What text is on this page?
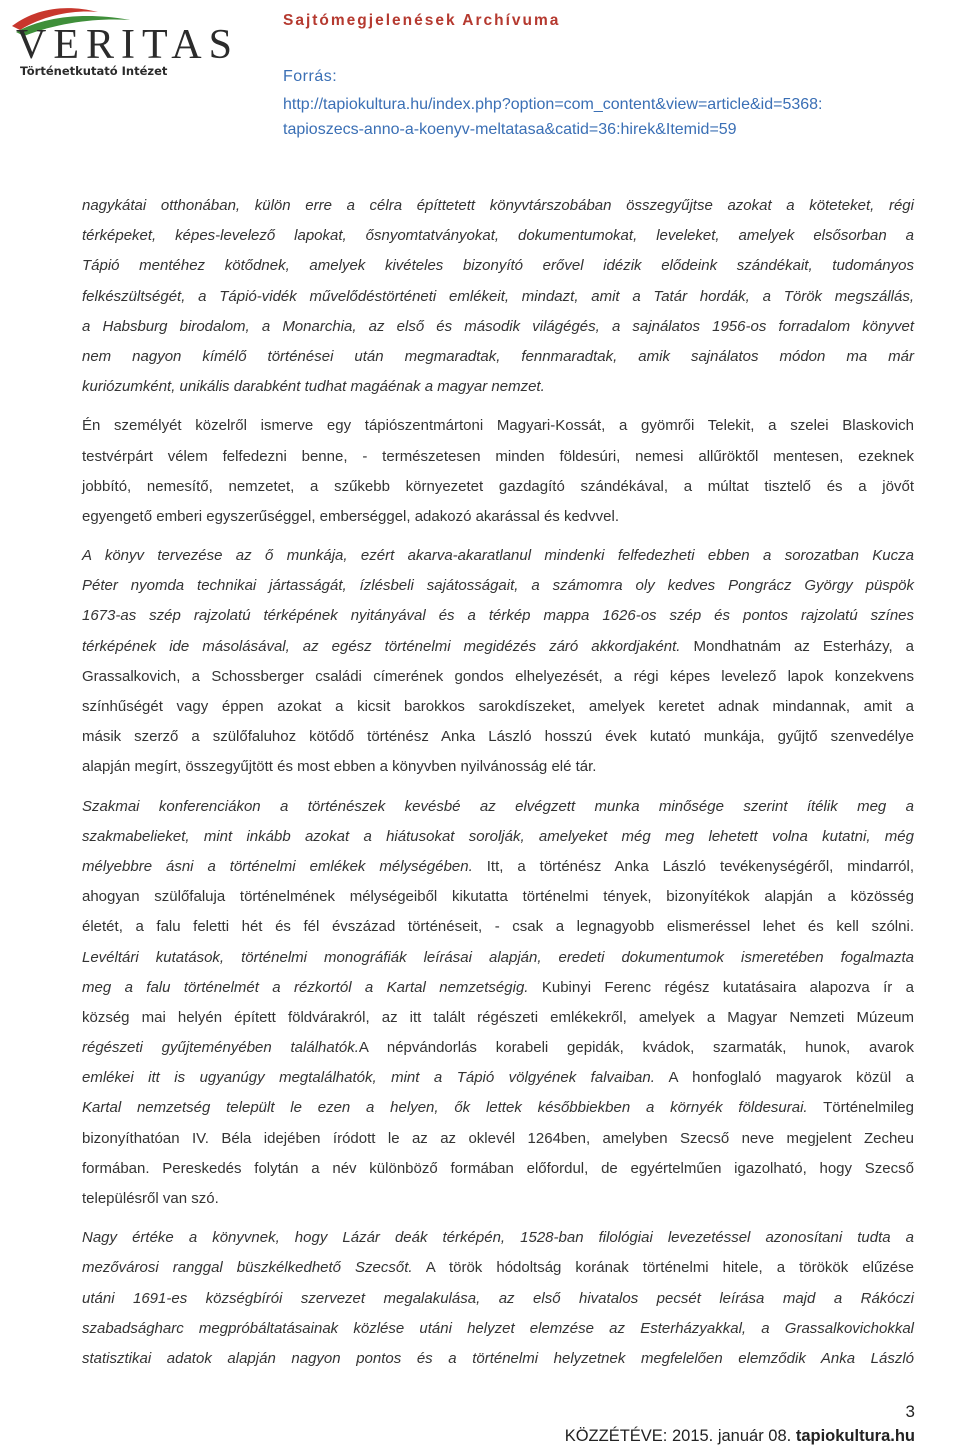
VERITAS
Történetkutató Intézet
Sajtómegjelenések Archívuma
Forrás:
http://tapiokultura.hu/index.php?option=com_content&view=article&id=5368:
tapioszecs-anno-a-koenyv-meltatasa&catid=36:hirek&Itemid=59
nagykátai otthonában, külön erre a célra építtetett könyvtárszobában összegyűjtse azokat a köteteket, régi
térképeket, képes-levelező lapokat, ősnyomtatványokat, dokumentumokat, leveleket, amelyek elsősorban a
Tápió mentéhez kötődnek, amelyek kivételes bizonyító erővel idézik elődeink szándékait, tudományos
felkészültségét, a Tápió-vidék művelődéstörténeti emlékeit, mindazt, amit a Tatár hordák, a Török megszállás,
a Habsburg birodalom, a Monarchia, az első és második világégés, a sajnálatos 1956-os forradalom könyvet
nem nagyon kímélő történései után megmaradtak, fennmaradtak, amik sajnálatos módon ma már
kuriózumként, unikális darabként tudhat magáénak a magyar nemzet.
Én személyét közelről ismerve egy tápiószentmártoni Magyari-Kossát, a gyömrői Telekit, a szelei Blaskovich
testvérpárt vélem felfedezni benne, - természetesen minden földesúri, nemesi allűröktől mentesen, ezeknek
jobbító, nemesítő, nemzetet, a szűkebb környezetet gazdagító szándékával, a múltat tisztelő és a jövőt
egyengető emberi egyszerűséggel, emberséggel, adakozó akarással és kedvvel.
A könyv tervezése az ő munkája, ezért akarva-akaratlanul mindenki felfedezheti ebben a sorozatban Kucza
Péter nyomda technikai jártasságát, ízlésbeli sajátosságait, a számomra oly kedves Pongrácz György püspök
1673-as szép rajzolatú térképének nyitányával és a térkép mappa 1626-os szép és pontos rajzolatú színes
térképének ide másolásával, az egész történelmi megidézés záró akkordjaként. Mondhatnám az Esterházy, a
Grassalkovich, a Schossberger családi címerének gondos elhelyezését, a régi képes levelező lapok konzekvens
színhűségét vagy éppen azokat a kicsit barokkos sarokdíszeket, amelyek keretet adnak mindannak, amit a
másik szerző a szülőfaluhoz kötődő történész Anka László hosszú évek kutató munkája, gyűjtő szenvedélye
alapján megírt, összegyűjtött és most ebben a könyvben nyilvánosság elé tár.
Szakmai konferenciákon a történészek kevésbé az elvégzett munka minősége szerint ítélik meg a
szakmabelieket, mint inkább azokat a hiátusokat sorolják, amelyeket még meg lehetett volna kutatni, még
mélyebbre ásni a történelmi emlékek mélységében. Itt, a történész Anka László tevékenységéről, mindarról,
ahogyan szülőfaluja történelmének mélységeiből kikutatta történelmi tények, bizonyítékok alapján a közösség
életét, a falu feletti hét és fél évszázad történéseit, - csak a legnagyobb elismeréssel lehet és kell szólni.
Levéltári kutatások, történelmi monográfiák leírásai alapján, eredeti dokumentumok ismeretében fogalmazta
meg a falu történelmét a rézkortól a Kartal nemzetségig. Kubinyi Ferenc régész kutatásaira alapozva ír a
község mai helyén épített földvárakról, az itt talált régészeti emlékekről, amelyek a Magyar Nemzeti Múzeum
régészeti gyűjteményében találhatók.A népvándorlás korabeli gepidák, kvádok, szarmaták, hunok, avarok
emlékei itt is ugyanúgy megtalálhatók, mint a Tápió völgyének falvaiban. A honfoglaló magyarok közül a
Kartal nemzetség települt le ezen a helyen, ők lettek későbbiekben a környék földesurai. Történelmileg
bizonyíthatóan IV. Béla idejében íródott le az az oklevél 1264ben, amelyben Szecső neve megjelent Zecheu
formában. Pereskedés folytán a név különböző formában előfordul, de egyértelműen igazolható, hogy Szecső
településről van szó.
Nagy értéke a könyvnek, hogy Lázár deák térképén, 1528-ban filológiai levezetéssel azonosítani tudta a
mezővárosi ranggal büszkélkedhető Szecsőt. A török hódoltság korának történelmi hitele, a törökök elűzése
utáni 1691-es községbírói szervezet megalakulása, az első hivatalos pecsét leírása majd a Rákóczi
szabadságharc megpróbáltatásainak közlése utáni helyzet elemzése az Esterházyakkal, a Grassalkovichokkal
statisztikai adatok alapján nagyon pontos és a történelmi helyzetnek megfelelően elemződik Anka László
3
KÖZZÉTÉVE: 2015. január 08. tapiokultura.hu
